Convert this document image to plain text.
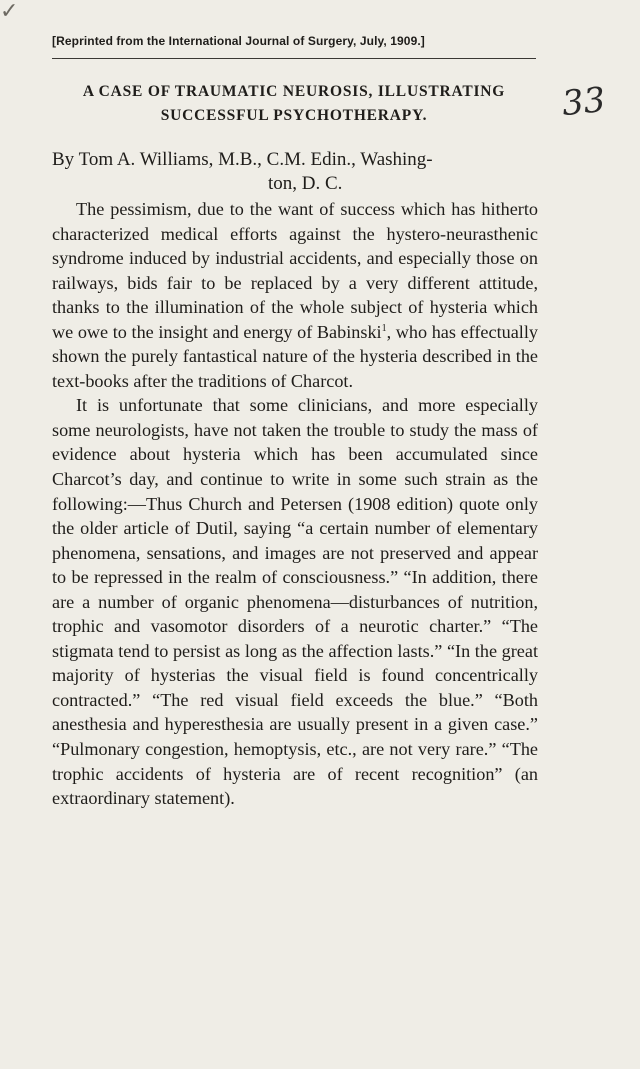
✓
[Reprinted from the International Journal of Surgery, July, 1909.]
A CASE OF TRAUMATIC NEUROSIS, ILLUSTRATING
SUCCESSFUL PSYCHOTHERAPY.	33
By Tom A. Williams, M.B., C.M. Edin., Washing-
ton, D. C.

The pessimism, due to the want of success which has hitherto characterized medical efforts against the hystero-neurasthenic syndrome induced by industrial accidents, and especially those on railways, bids fair to be replaced by a very different attitude, thanks to the illumination of the whole subject of hysteria which we owe to the insight and energy of Babinski$^1$, who has effectually shown the purely fantastical nature of the hysteria described in the text-books after the traditions of Charcot.

It is unfortunate that some clinicians, and more especially some neurologists, have not taken the trouble to study the mass of evidence about hysteria which has been accumulated since Charcot’s day, and continue to write in some such strain as the following:—Thus Church and Petersen (1908 edition) quote only the older article of Dutil, saying “a certain number of elementary phenomena, sensations, and images are not preserved and appear to be repressed in the realm of consciousness.” “In addition, there are a number of organic phenomena—disturbances of nutrition, trophic and vasomotor disorders of a neurotic charter.” “The stigmata tend to persist as long as the affection lasts.” “In the great majority of hysterias the visual field is found concentrically contracted.” “The red visual field exceeds the blue.” “Both anesthesia and hyperesthesia are usually present in a given case.” “Pulmonary congestion, hemoptysis, etc., are not very rare.” “The trophic accidents of hysteria are of recent recognition” (an extraordinary statement).
